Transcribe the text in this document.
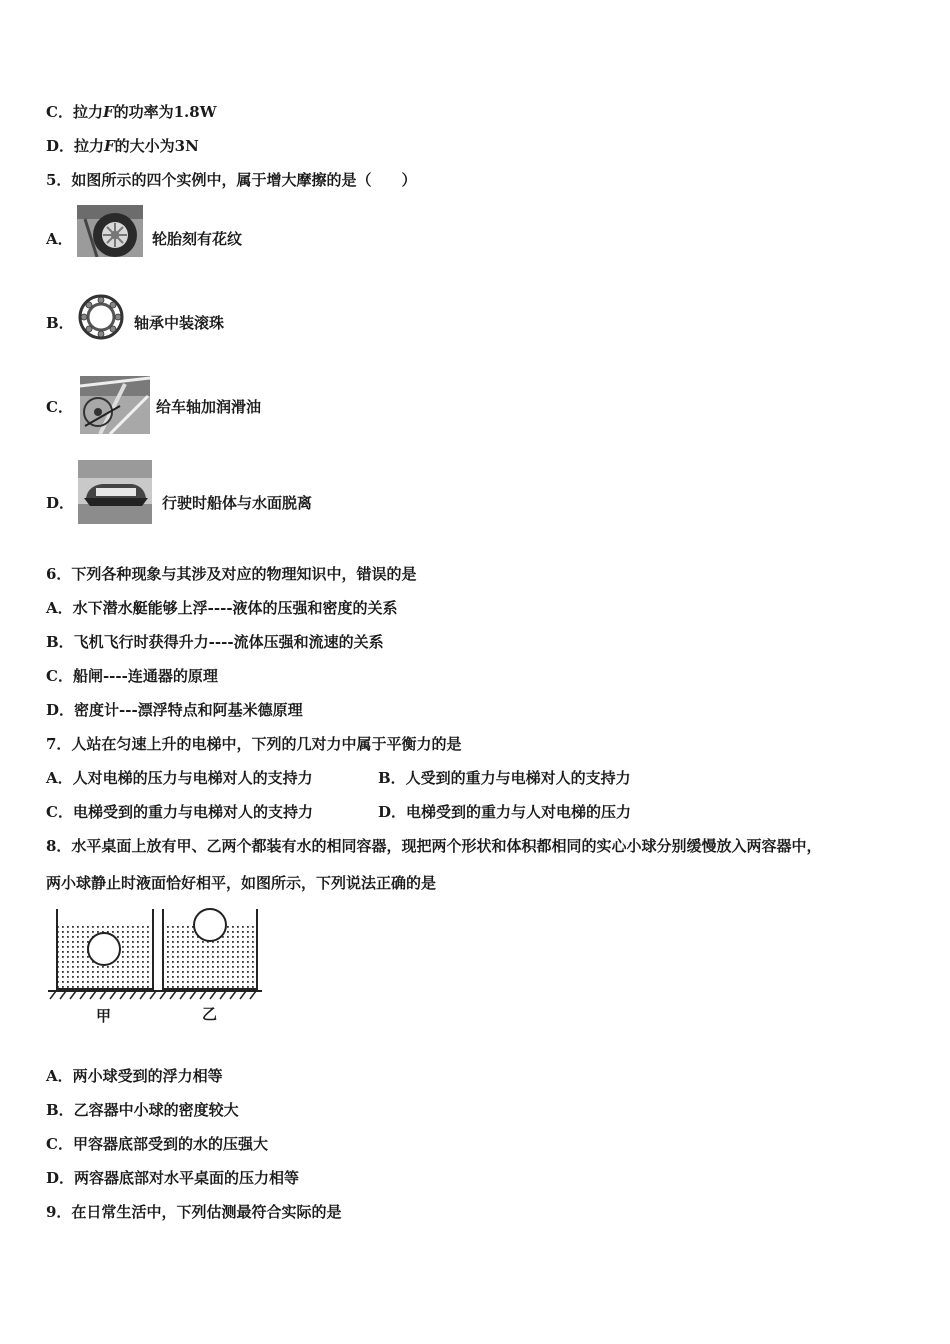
C．拉力F的功率为1.8W
D．拉力F的大小为3N
5．如图所示的四个实例中，属于增大摩擦的是（　　）
A．	轮胎刻有花纹
B．	轴承中装滚珠
C．	给车轴加润滑油
D．	行驶时船体与水面脱离
6．下列各种现象与其涉及对应的物理知识中，错误的是
A．水下潜水艇能够上浮----液体的压强和密度的关系
B．飞机飞行时获得升力----流体压强和流速的关系
C．船闸----连通器的原理
D．密度计---漂浮特点和阿基米德原理
7．人站在匀速上升的电梯中，下列的几对力中属于平衡力的是
A．人对电梯的压力与电梯对人的支持力	B．人受到的重力与电梯对人的支持力
C．电梯受到的重力与电梯对人的支持力	D．电梯受到的重力与人对电梯的压力
8．水平桌面上放有甲、乙两个都装有水的相同容器，现把两个形状和体积都相同的实心小球分别缓慢放入两容器中，
两小球静止时液面恰好相平，如图所示，下列说法正确的是
甲	乙
A．两小球受到的浮力相等
B．乙容器中小球的密度较大
C．甲容器底部受到的水的压强大
D．两容器底部对水平桌面的压力相等
9．在日常生活中，下列估测最符合实际的是
